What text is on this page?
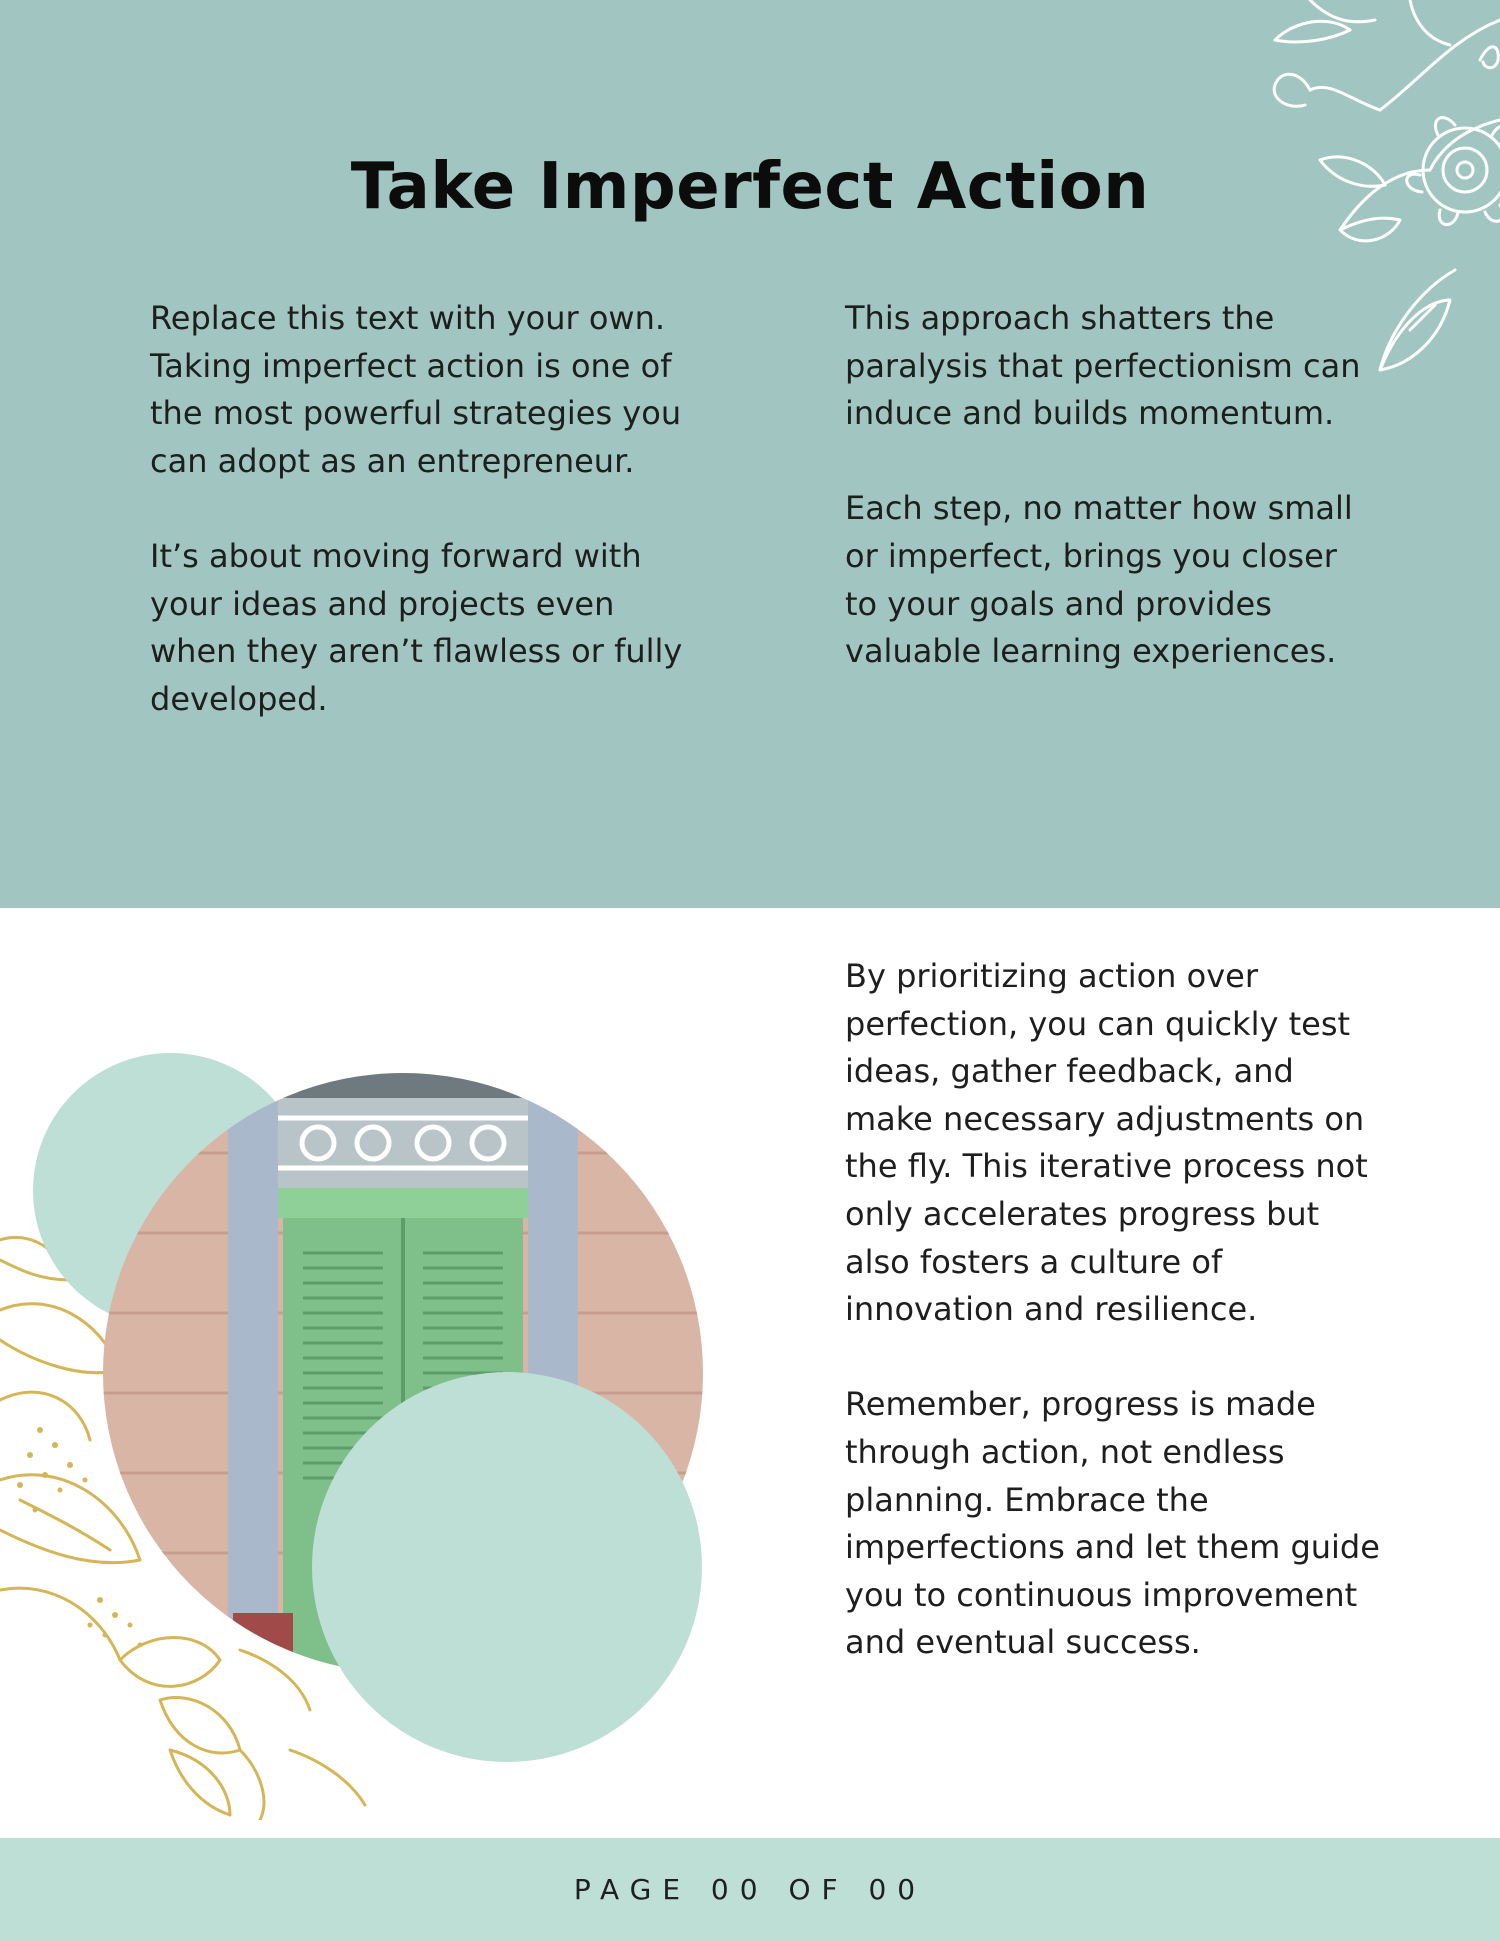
Take Imperfect Action

Replace this text with your own. Taking imperfect action is one of the most powerful strategies you can adopt as an entrepreneur.

It’s about moving forward with your ideas and projects even when they aren’t flawless or fully developed.

This approach shatters the paralysis that perfectionism can induce and builds momentum.

Each step, no matter how small or imperfect, brings you closer to your goals and provides valuable learning experiences.

By prioritizing action over perfection, you can quickly test ideas, gather feedback, and make necessary adjustments on the fly. This iterative process not only accelerates progress but also fosters a culture of innovation and resilience.

Remember, progress is made through action, not endless planning. Embrace the imperfections and let them guide you to continuous improvement and eventual success.

PAGE 00 OF 00
